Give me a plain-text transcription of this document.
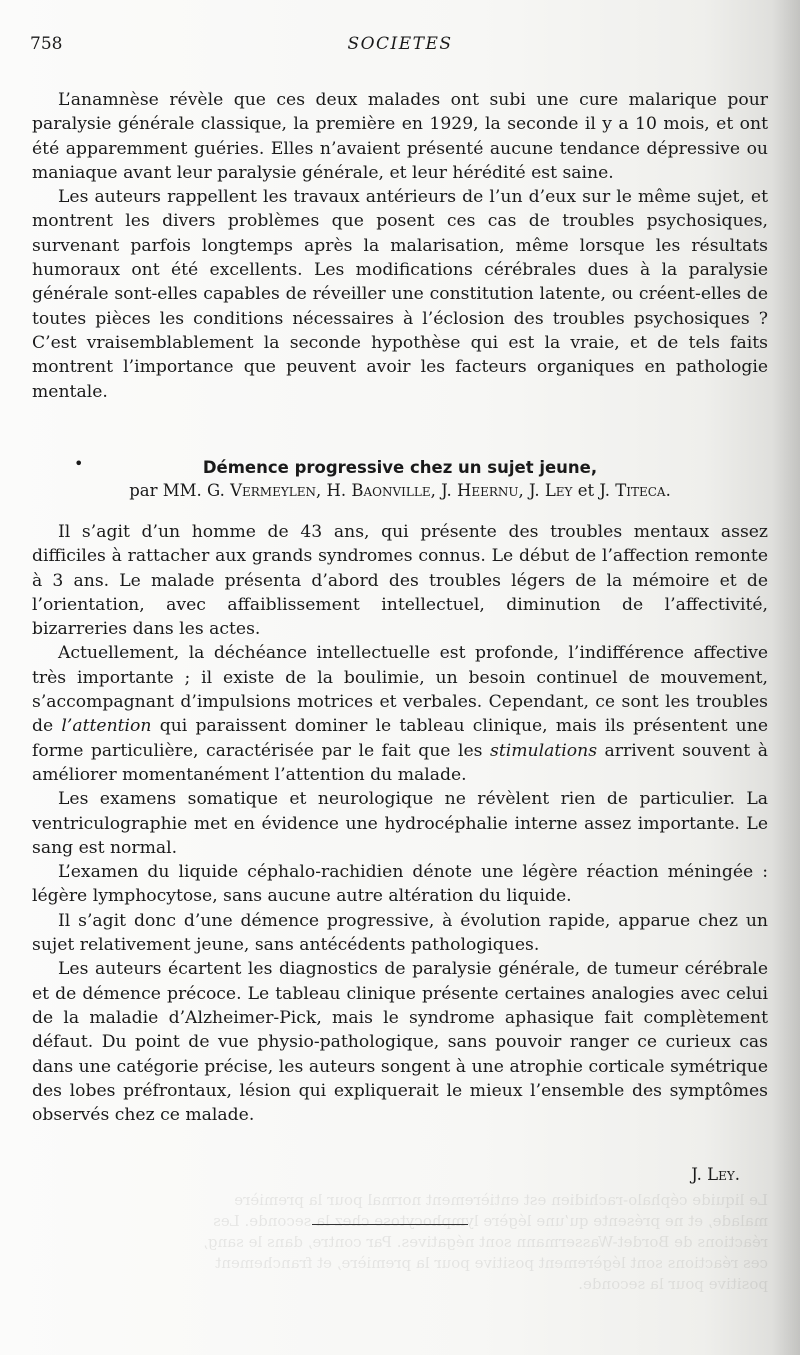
Le liquide céphalo-rachidien est entièrement normal pour la première
malade, et ne présente qu’une légère lymphocytose chez la seconde. Les
réactions de Bordet-Wassermann sont négatives. Par contre, dans le sang,
ces réactions sont légèrement positive pour la première, et franchement
positive pour la seconde.
758	SOCIETES

L’anamnèse révèle que ces deux malades ont subi une cure malarique pour paralysie générale classique, la première en 1929, la seconde il y a 10 mois, et ont été apparemment guéries. Elles n’avaient présenté aucune tendance dépressive ou maniaque avant leur paralysie générale, et leur hérédité est saine.

Les auteurs rappellent les travaux antérieurs de l’un d’eux sur le même sujet, et montrent les divers problèmes que posent ces cas de troubles psychosiques, survenant parfois longtemps après la malarisation, même lorsque les résultats humoraux ont été excellents. Les modifications cérébrales dues à la paralysie générale sont-elles capables de réveiller une constitution latente, ou créent-elles de toutes pièces les conditions nécessaires à l’éclosion des troubles psychosiques ? C’est vraisemblablement la seconde hypothèse qui est la vraie, et de tels faits montrent l’importance que peuvent avoir les facteurs organiques en pathologie mentale.

•	Démence progressive chez un sujet jeune,
par MM. G. Vermeylen, H. Baonville, J. Heernu, J. Ley et J. Titeca.

Il s’agit d’un homme de 43 ans, qui présente des troubles mentaux assez difficiles à rattacher aux grands syndromes connus. Le début de l’affection remonte à 3 ans. Le malade présenta d’abord des troubles légers de la mémoire et de l’orientation, avec affaiblissement intellectuel, diminution de l’affectivité, bizarreries dans les actes.

Actuellement, la déchéance intellectuelle est profonde, l’indifférence affective très importante ; il existe de la boulimie, un besoin continuel de mouvement, s’accompagnant d’impulsions motrices et verbales. Cependant, ce sont les troubles de l’attention qui paraissent dominer le tableau clinique, mais ils présentent une forme particulière, caractérisée par le fait que les stimulations arrivent souvent à améliorer momentanément l’attention du malade.

Les examens somatique et neurologique ne révèlent rien de particulier. La ventriculographie met en évidence une hydrocéphalie interne assez importante. Le sang est normal.

L’examen du liquide céphalo-rachidien dénote une légère réaction méningée : légère lymphocytose, sans aucune autre altération du liquide.

Il s’agit donc d’une démence progressive, à évolution rapide, apparue chez un sujet relativement jeune, sans antécédents pathologiques.

Les auteurs écartent les diagnostics de paralysie générale, de tumeur cérébrale et de démence précoce. Le tableau clinique présente certaines analogies avec celui de la maladie d’Alzheimer-Pick, mais le syndrome aphasique fait complètement défaut. Du point de vue physio-pathologique, sans pouvoir ranger ce curieux cas dans une catégorie précise, les auteurs songent à une atrophie corticale symétrique des lobes préfrontaux, lésion qui expliquerait le mieux l’ensemble des symptômes observés chez ce malade.

J. Ley.
